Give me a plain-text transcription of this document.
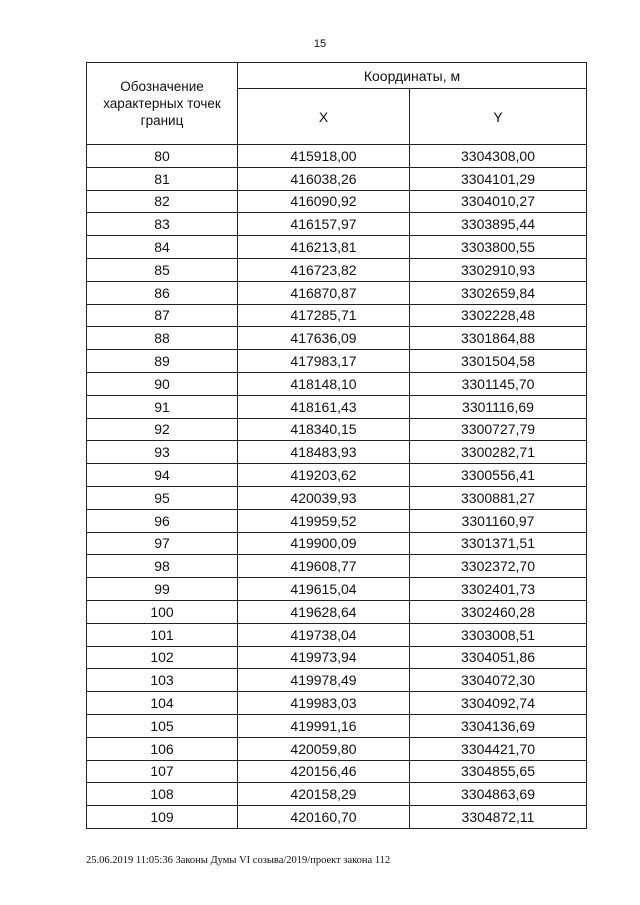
15
Обозначение характерных точек границ	Координаты, м	
	X	Y
80	415918,00	3304308,00
81	416038,26	3304101,29
82	416090,92	3304010,27
83	416157,97	3303895,44
84	416213,81	3303800,55
85	416723,82	3302910,93
86	416870,87	3302659,84
87	417285,71	3302228,48
88	417636,09	3301864,88
89	417983,17	3301504,58
90	418148,10	3301145,70
91	418161,43	3301116,69
92	418340,15	3300727,79
93	418483,93	3300282,71
94	419203,62	3300556,41
95	420039,93	3300881,27
96	419959,52	3301160,97
97	419900,09	3301371,51
98	419608,77	3302372,70
99	419615,04	3302401,73
100	419628,64	3302460,28
101	419738,04	3303008,51
102	419973,94	3304051,86
103	419978,49	3304072,30
104	419983,03	3304092,74
105	419991,16	3304136,69
106	420059,80	3304421,70
107	420156,46	3304855,65
108	420158,29	3304863,69
109	420160,70	3304872,11
25.06.2019 11:05:36 Законы Думы VI созыва/2019/проект закона 112
